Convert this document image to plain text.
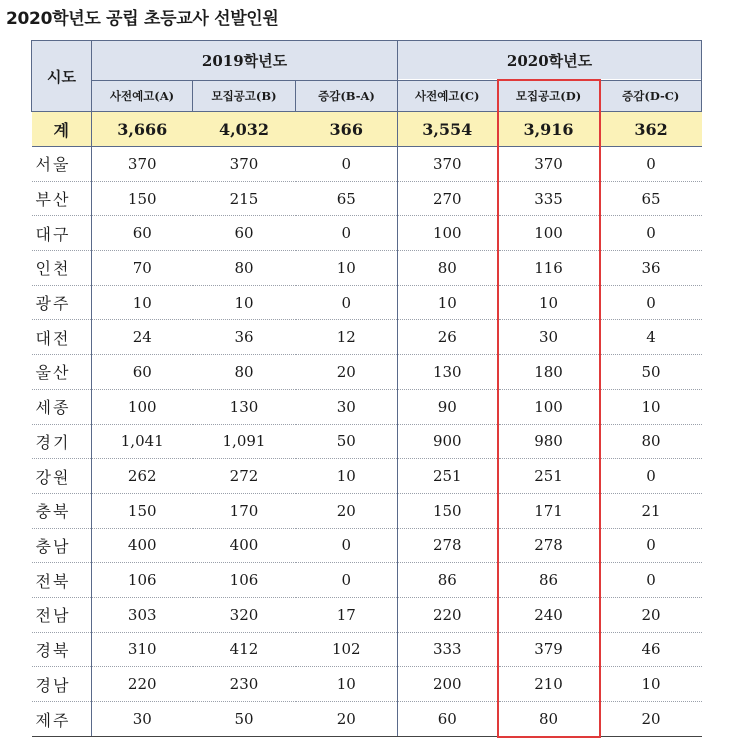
2020학년도 공립 초등교사 선발인원
시도	2019학년도			2020학년도		
	사전예고(A)	모집공고(B)	증감(B-A)	사전예고(C)	모집공고(D)	증감(D-C)
계	3,666	4,032	366	3,554	3,916	362
서울	370	370	0	370	370	0
부산	150	215	65	270	335	65
대구	60	60	0	100	100	0
인천	70	80	10	80	116	36
광주	10	10	0	10	10	0
대전	24	36	12	26	30	4
울산	60	80	20	130	180	50
세종	100	130	30	90	100	10
경기	1,041	1,091	50	900	980	80
강원	262	272	10	251	251	0
충북	150	170	20	150	171	21
충남	400	400	0	278	278	0
전북	106	106	0	86	86	0
전남	303	320	17	220	240	20
경북	310	412	102	333	379	46
경남	220	230	10	200	210	10
제주	30	50	20	60	80	20
